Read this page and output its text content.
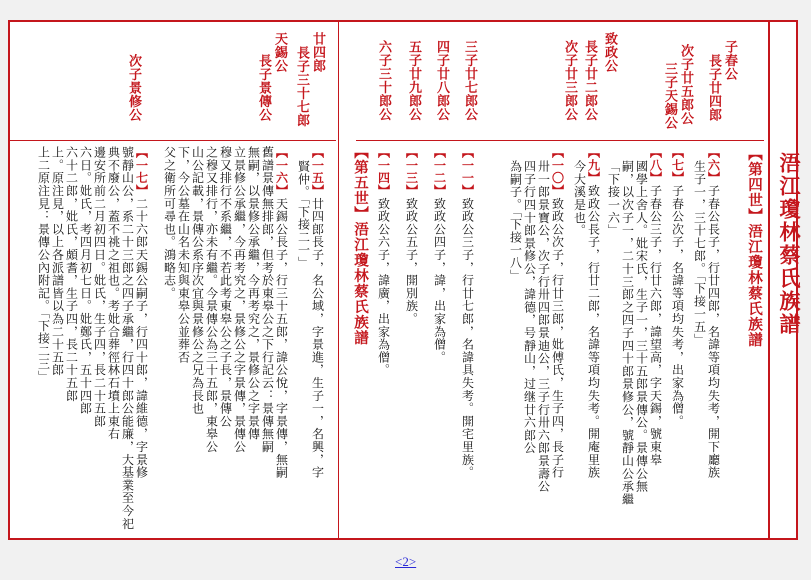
浯江瓊林蔡氏族譜
【第四世】浯江瓊林蔡氏族譜
子春公
長子廿四郎
次子廿五郎公
三子天錫公
致政公
長子廿二郎公
次子廿三郎公
三子廿七郎公
四子廿八郎公
五子廿九郎公
六子三十郎公
【六】子春公長子，行廿四郎，名諱等項均失考，開下廳族
生子一，三十七郎。「下接一五」
【七】子春公次子，名諱等項均失考，出家為僧。
【八】子春公三子，行廿六郎，諱望高，字天錫，號東皋
國學上舍人。妣宋氏，生子一，三十五郎景傳公。景傳公無
嗣，以次子一，二十三郎之四子四十郎景修公，號靜山公承繼
「下接一六」
【九】致政公長子，行廿二郎，名諱等項均失考。開庵里族
今大溪是也。
【一〇】致政公次子，行廿三郎，妣傅氏，生子四，長子行
卅一郎景寶公，次子行卅四郎景迪公，三子行卅六郎景壽公
四子行四十郎景修公，諱德，号靜山，过继廿六郎公
為嗣子。「下接一八」
【一一】致政公三子，行廿七郎，名諱具失考。開宅里族。
【一二】致政公四子，諱，出家為僧。
【一三】致政公五子，開別族。
【一四】致政公六子，諱廣，出家為僧。
【第五世】浯江瓊林蔡氏族譜
廿四郎
長子三十七郎
天錫公
長子景傳公
次子景修公
【一五】廿四郎長子，名公域，字景進，生子一，名興，字
賢仲。「下接二一」
【一六】天錫公長子，行三十五郎，諱公悅，字景傳，無嗣
舊譜景傳無排郎，但考於東皋公之下行記云：景傳無嗣
無嗣，以景修公承繼，今再考究之，景修公之字景傳
立景修公承繼，今再考究之，景修公之字景傳，景傳公
穆又排行不系繼，不若此考東皋公之子長，景傳公
之穆又排行，亦未有繼。今景傳公為三十五郎，東皋公
山公記載，景傳公系序次宜與景修公之兄為長也
下，今公墓在山名未知與東皋公並葬否
父之衛所可尋也。鴻略志。
【一七】二十六郎天錫公嗣子，行四十郎，諱維德，字景修
號靜山公，系二十三郎之四子承繼，行四十郎公能廉，大基業至今祀
典不廢公，蓋不祧之祖也。考妣合葬徑林石墳上東右
邊安所前二月初四日。妣氏，生子四，長二十五郎
六日。妣氏，考四月初七日。妣鄭氏，五十四郎
六十二郎，妣氏，頗耆，生子四，長二十五郎
上。原注見，以上各派譜皆以為二十五郎
上二原注見：景傳公內附記。「下接二三」
<2>
